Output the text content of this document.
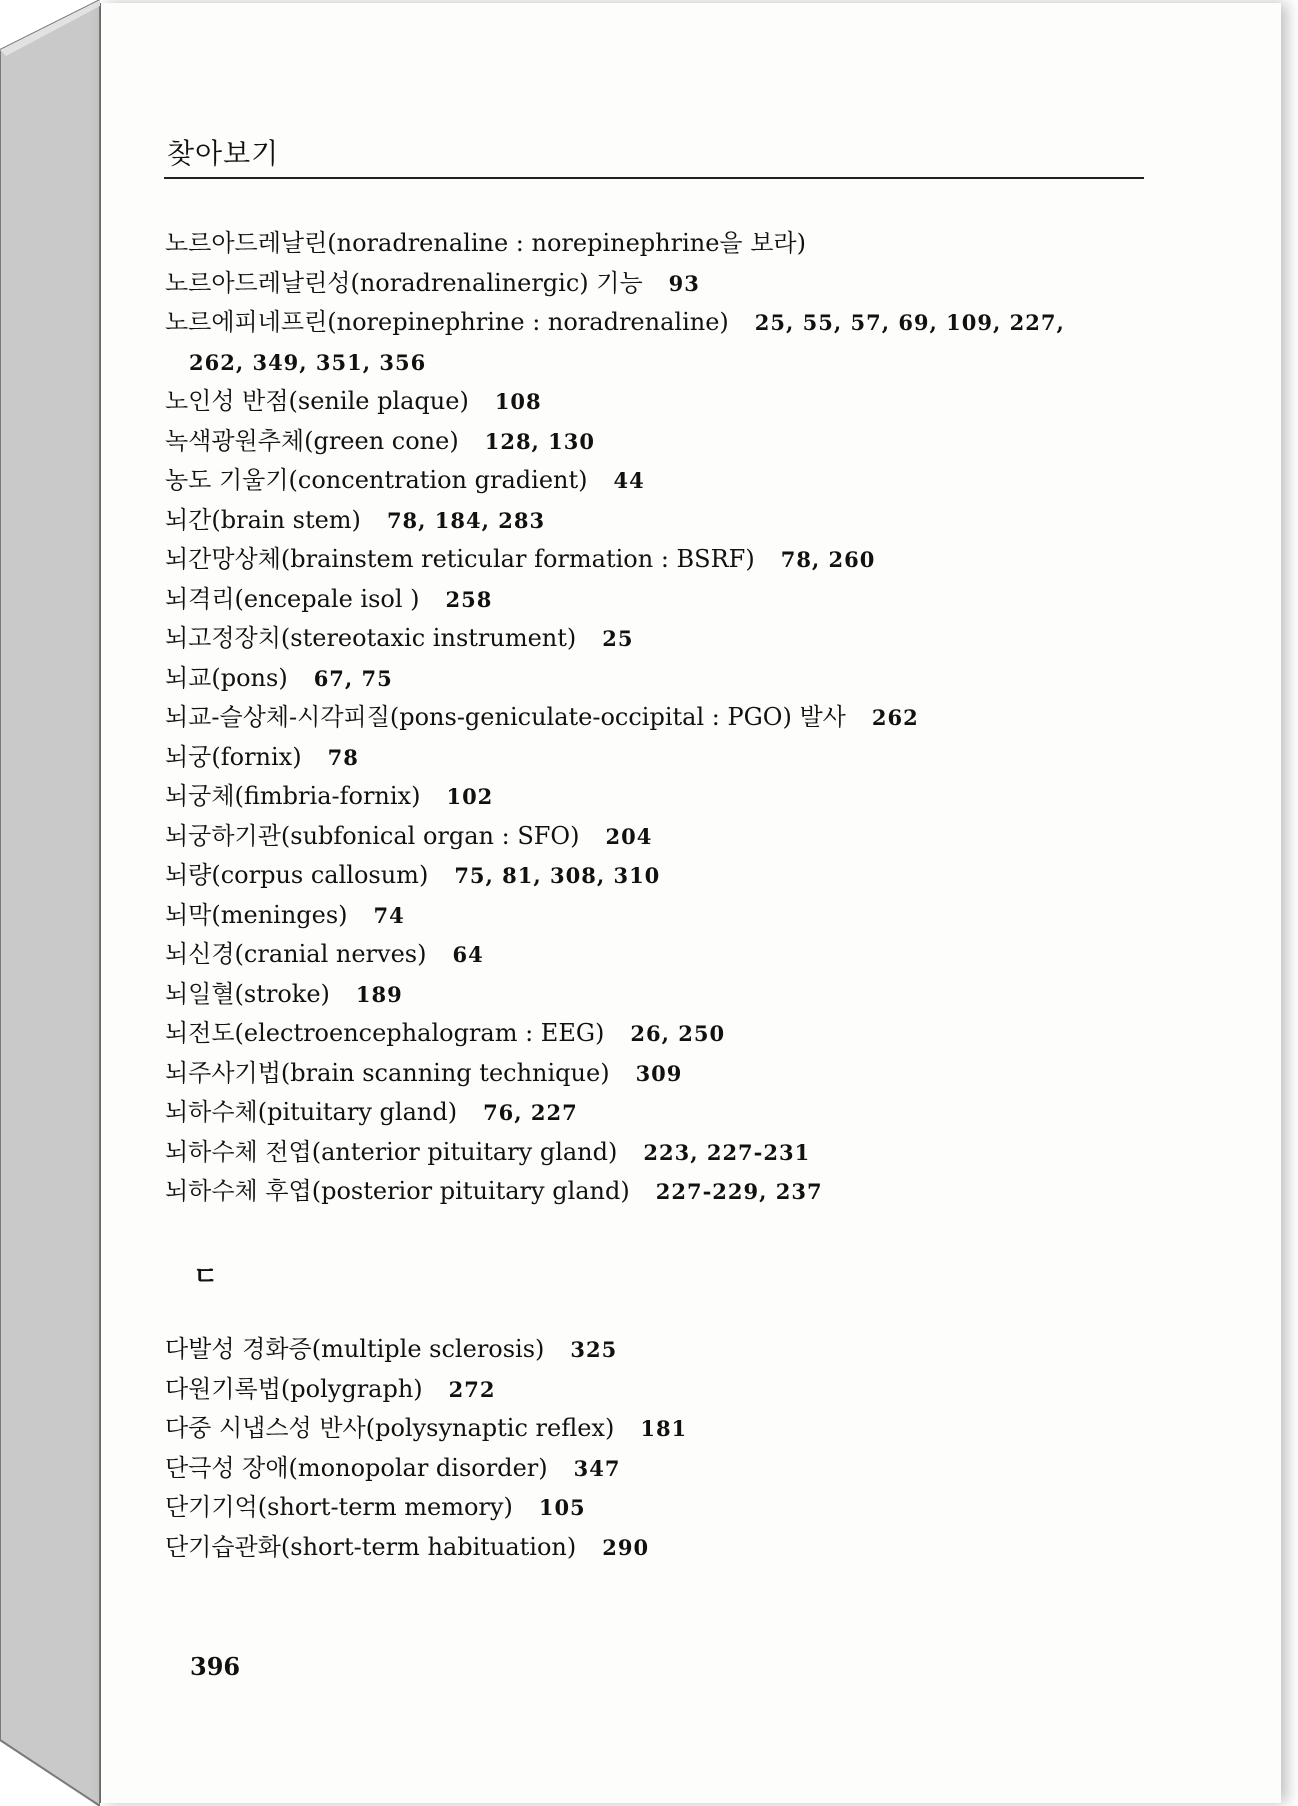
찾아보기
노르아드레날린(noradrenaline : norepinephrine을 보라)
노르아드레날린성(noradrenalinergic) 기능 93
노르에피네프린(norepinephrine : noradrenaline) 25, 55, 57, 69, 109, 227,
262, 349, 351, 356
노인성 반점(senile plaque) 108
녹색광원추체(green cone) 128, 130
농도 기울기(concentration gradient) 44
뇌간(brain stem) 78, 184, 283
뇌간망상체(brainstem reticular formation : BSRF) 78, 260
뇌격리(encepale isol ) 258
뇌고정장치(stereotaxic instrument) 25
뇌교(pons) 67, 75
뇌교-슬상체-시각피질(pons-geniculate-occipital : PGO) 발사 262
뇌궁(fornix) 78
뇌궁체(fimbria-fornix) 102
뇌궁하기관(subfonical organ : SFO) 204
뇌량(corpus callosum) 75, 81, 308, 310
뇌막(meninges) 74
뇌신경(cranial nerves) 64
뇌일혈(stroke) 189
뇌전도(electroencephalogram : EEG) 26, 250
뇌주사기법(brain scanning technique) 309
뇌하수체(pituitary gland) 76, 227
뇌하수체 전엽(anterior pituitary gland) 223, 227-231
뇌하수체 후엽(posterior pituitary gland) 227-229, 237
ㄷ
다발성 경화증(multiple sclerosis) 325
다원기록법(polygraph) 272
다중 시냅스성 반사(polysynaptic reflex) 181
단극성 장애(monopolar disorder) 347
단기기억(short-term memory) 105
단기습관화(short-term habituation) 290
396
